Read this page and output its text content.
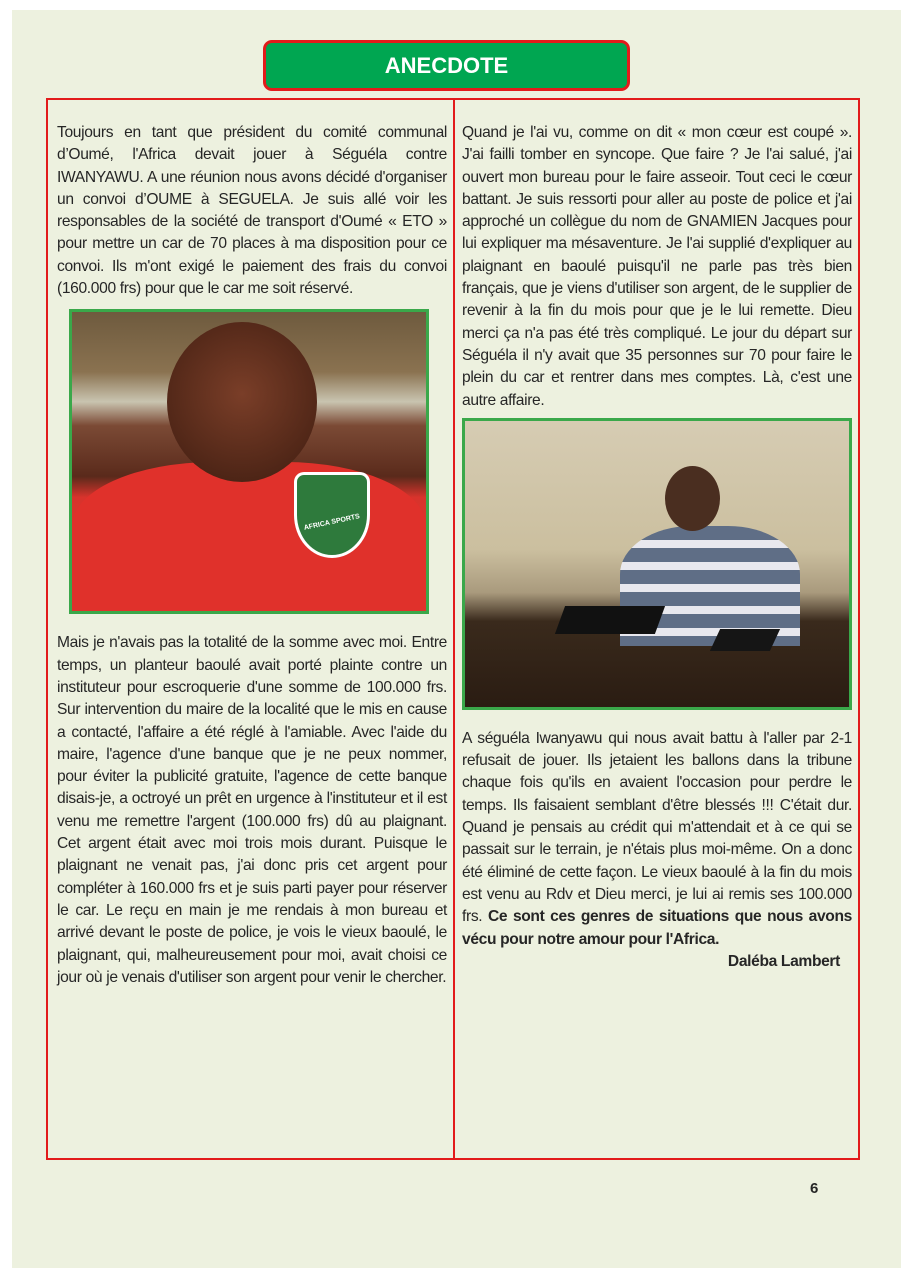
ANECDOTE

Toujours en tant que président du comité communal d’Oumé, l'Africa devait jouer à Séguéla contre IWANYAWU. A une réunion nous avons décidé d'organiser un convoi d’OUME à SEGUELA. Je suis allé voir les responsables de la société de transport d'Oumé « ETO » pour mettre un car de 70 places à ma disposition pour ce convoi. Ils m'ont exigé le paiement des frais du convoi (160.000 frs) pour que le car me soit réservé.

AFRICA SPORTS

Mais je n'avais pas la totalité de la somme avec moi. Entre temps, un planteur baoulé avait porté plainte contre un instituteur pour escroquerie d'une somme de 100.000 frs. Sur intervention du maire de la localité que le mis en cause a contacté, l'affaire a été réglé à l'amiable. Avec l'aide du maire, l'agence d'une banque que je ne peux nommer, pour éviter la publicité gratuite, l'agence de cette banque disais-je, a octroyé un prêt en urgence à l'instituteur et il est venu me remettre l'argent (100.000 frs) dû au plaignant. Cet argent était avec moi trois mois durant. Puisque le plaignant ne venait pas, j'ai donc pris cet argent pour compléter à 160.000 frs et je suis parti payer pour réserver le car. Le reçu en main je me rendais à mon bureau et arrivé devant le poste de police, je vois le vieux baoulé, le plaignant, qui, malheureusement pour moi, avait choisi ce jour où je venais d'utiliser son argent pour venir le chercher.

Quand je l'ai vu, comme on dit « mon cœur est coupé ». J'ai failli tomber en syncope. Que faire ? Je l'ai salué, j'ai ouvert mon bureau pour le faire asseoir. Tout ceci le cœur battant. Je suis ressorti pour aller au poste de police et j'ai approché un collègue du nom de GNAMIEN Jacques pour lui expliquer ma mésaventure. Je l'ai supplié d'expliquer au plaignant en baoulé puisqu'il ne parle pas très bien français, que je viens d'utiliser son argent, de le supplier de revenir à la fin du mois pour que je le lui remette. Dieu merci ça n'a pas été très compliqué. Le jour du départ sur Séguéla il n'y avait que 35 personnes sur 70 pour faire le plein du car et rentrer dans mes comptes. Là, c'est une autre affaire.

A séguéla Iwanyawu qui nous avait battu à l'aller par 2-1 refusait de jouer. Ils jetaient les ballons dans la tribune chaque fois qu'ils en avaient l'occasion pour perdre le temps. Ils faisaient semblant d'être blessés !!! C'était dur. Quand je pensais au crédit qui m'attendait et à ce qui se passait sur le terrain, je n'étais plus moi-même. On a donc été éliminé de cette façon. Le vieux baoulé à la fin du mois est venu au Rdv et Dieu merci, je lui ai remis ses 100.000 frs. Ce sont ces genres de situations que nous avons vécu pour notre amour pour l'Africa.

Daléba Lambert

6
